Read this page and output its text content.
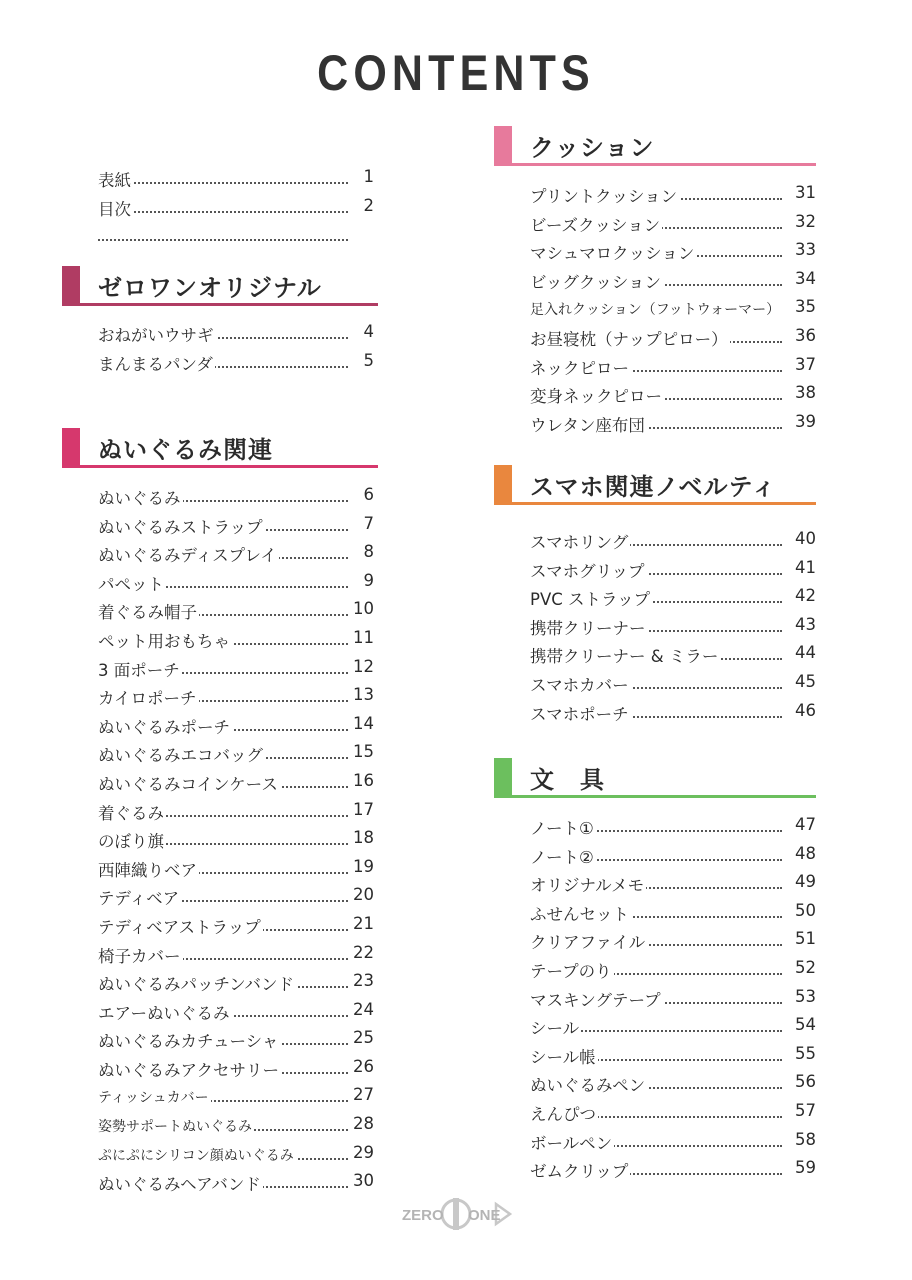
CONTENTS
表紙	1
目次	2
ゼロワンオリジナル
おねがいウサギ	4
まんまるパンダ	5
ぬいぐるみ関連
ぬいぐるみ	6
ぬいぐるみストラップ	7
ぬいぐるみディスプレイ	8
パペット	9
着ぐるみ帽子	10
ペット用おもちゃ	11
3 面ポーチ	12
カイロポーチ	13
ぬいぐるみポーチ	14
ぬいぐるみエコバッグ	15
ぬいぐるみコインケース	16
着ぐるみ	17
のぼり旗	18
西陣織りベア	19
テディベア	20
テディベアストラップ	21
椅子カバー	22
ぬいぐるみパッチンバンド	23
エアーぬいぐるみ	24
ぬいぐるみカチューシャ	25
ぬいぐるみアクセサリー	26
ティッシュカバー	27
姿勢サポートぬいぐるみ	28
ぷにぷにシリコン顔ぬいぐるみ	29
ぬいぐるみヘアバンド	30
クッション
プリントクッション	31
ビーズクッション	32
マシュマロクッション	33
ビッグクッション	34
足入れクッション（フットウォーマー） 35
お昼寝枕（ナップピロー）	36
ネックピロー	37
変身ネックピロー	38
ウレタン座布団	39
スマホ関連ノベルティ
スマホリング	40
スマホグリップ	41
PVC ストラップ	42
携帯クリーナー	43
携帯クリーナー & ミラー	44
スマホカバー	45
スマホポーチ	46
文　具
ノート①	47
ノート②	48
オリジナルメモ	49
ふせんセット	50
クリアファイル	51
テープのり	52
マスキングテープ	53
シール	54
シール帳	55
ぬいぐるみペン	56
えんぴつ	57
ボールペン	58
ゼムクリップ	59
ZERO ONE
